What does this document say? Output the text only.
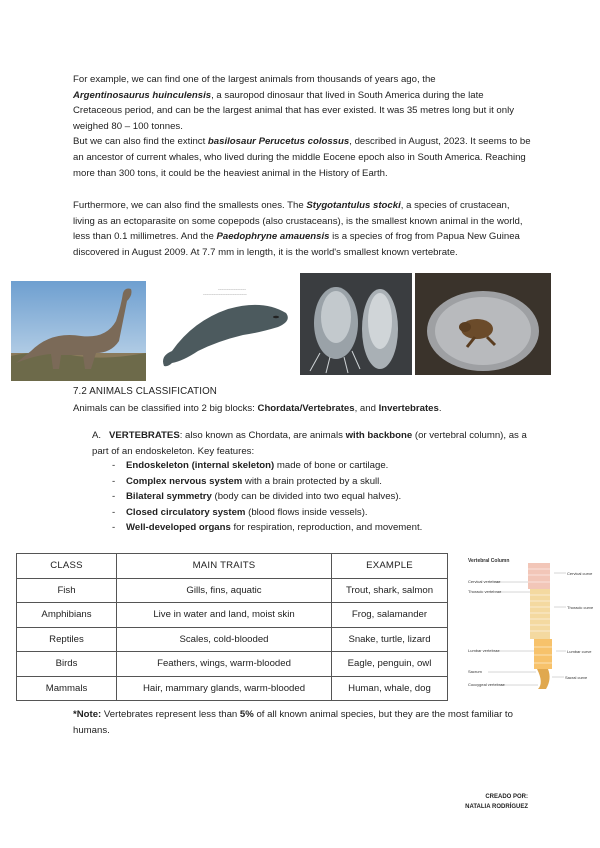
For example, we can find one of the largest animals from thousands of years ago, the
Argentinosaurus huinculensis, a sauropod dinosaur that lived in South America during the late Cretaceous period, and can be the largest animal that has ever existed. It was 35 metres long but it only weighed 80 – 100 tonnes.
But we can also find the extinct basilosaur Perucetus colossus, described in August, 2023. It seems to be an ancestor of current whales, who lived during the middle Eocene epoch also in South America. Reaching more than 300 tons, it could be the heaviest animal in the History of Earth.

Furthermore, we can also find the smallests ones. The Stygotantulus stocki, a species of crustacean, living as an ectoparasite on some copepods (also crustaceans), is the smallest known animal in the world, less than 0.1 millimetres. And the Paedophryne amauensis is a species of frog from Papua New Guinea discovered in August 2009. At 7.7 mm in length, it is the world's smallest known vertebrate.

~~~~~~~~~~~~~~~~
~~~~~~~~~~~~~~~~~~~~~~~~~
7.2 ANIMALS CLASSIFICATION

Animals can be classified into 2 big blocks: Chordata/Vertebrates, and Invertebrates.

A. VERTEBRATES: also known as Chordata, are animals with backbone (or vertebral column), as a part of an endoskeleton. Key features:

- Endoskeleton (internal skeleton) made of bone or cartilage.
- Complex nervous system with a brain protected by a skull.
- Bilateral symmetry (body can be divided into two equal halves).
- Closed circulatory system (blood flows inside vessels).
- Well-developed organs for respiration, reproduction, and movement.
CLASS	MAIN TRAITS	EXAMPLE
Fish	Gills, fins, aquatic	Trout, shark, salmon
Amphibians	Live in water and land, moist skin	Frog, salamander
Reptiles	Scales, cold-blooded	Snake, turtle, lizard
Birds	Feathers, wings, warm-blooded	Eagle, penguin, owl
Mammals	Hair, mammary glands, warm-blooded	Human, whale, dog
Vertebral Column
Cervical vertebrae
Thoracic vertebrae
Lumbar vertebrae
Sacrum
Coccygeal vertebrae
Cervical curve
Thoracic curve
Lumbar curve
Sacral curve

*Note: Vertebrates represent less than 5% of all known animal species, but they are the most familiar to humans.

CREADO POR:
NATALIA RODRÍGUEZ
